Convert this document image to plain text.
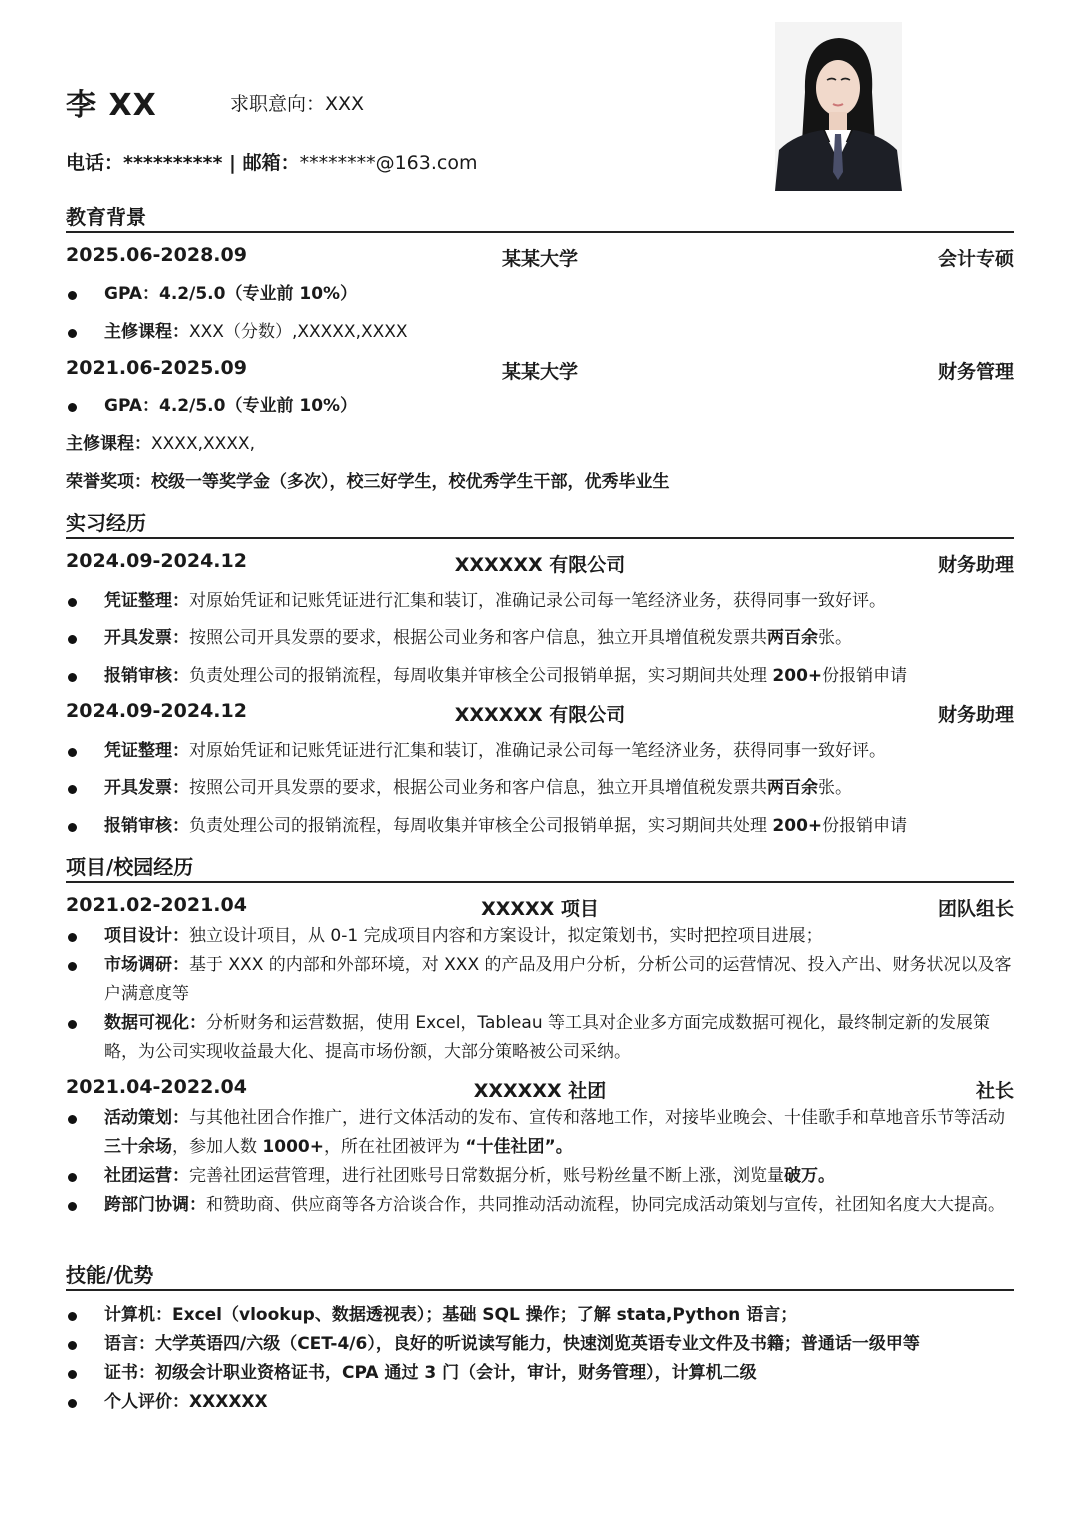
李 XX	求职意向：XXX
电话：********** | 邮箱：********@163.com
教育背景
2025.06-2028.09	某某大学	会计专硕
GPA：4.2/5.0（专业前 10%）
主修课程：XXX（分数）,XXXXX,XXXX
2021.06-2025.09	某某大学	财务管理
GPA：4.2/5.0（专业前 10%）
主修课程：XXXX,XXXX,
荣誉奖项：校级一等奖学金（多次），校三好学生，校优秀学生干部，优秀毕业生
实习经历
2024.09-2024.12	XXXXXX 有限公司	财务助理
凭证整理：对原始凭证和记账凭证进行汇集和装订，准确记录公司每一笔经济业务，获得同事一致好评。
开具发票：按照公司开具发票的要求，根据公司业务和客户信息，独立开具增值税发票共两百余张。
报销审核：负责处理公司的报销流程，每周收集并审核全公司报销单据，实习期间共处理 200+份报销申请
2024.09-2024.12	XXXXXX 有限公司	财务助理
凭证整理：对原始凭证和记账凭证进行汇集和装订，准确记录公司每一笔经济业务，获得同事一致好评。
开具发票：按照公司开具发票的要求，根据公司业务和客户信息，独立开具增值税发票共两百余张。
报销审核：负责处理公司的报销流程，每周收集并审核全公司报销单据，实习期间共处理 200+份报销申请
项目/校园经历
2021.02-2021.04	XXXXX 项目	团队组长
项目设计：独立设计项目，从 0-1 完成项目内容和方案设计，拟定策划书，实时把控项目进展；
市场调研：基于 XXX 的内部和外部环境，对 XXX 的产品及用户分析，分析公司的运营情况、投入产出、财务状况以及客户满意度等
数据可视化：分析财务和运营数据，使用 Excel，Tableau 等工具对企业多方面完成数据可视化，最终制定新的发展策略，为公司实现收益最大化、提高市场份额，大部分策略被公司采纳。
2021.04-2022.04	XXXXXX 社团	社长
活动策划：与其他社团合作推广，进行文体活动的发布、宣传和落地工作，对接毕业晚会、十佳歌手和草地音乐节等活动三十余场，参加人数 1000+，所在社团被评为 “十佳社团”。
社团运营：完善社团运营管理，进行社团账号日常数据分析，账号粉丝量不断上涨，浏览量破万。
跨部门协调：和赞助商、供应商等各方洽谈合作，共同推动活动流程，协同完成活动策划与宣传，社团知名度大大提高。
技能/优势
计算机：Excel（vlookup、数据透视表）；基础 SQL 操作；了解 stata,Python 语言；
语言：大学英语四/六级（CET-4/6），良好的听说读写能力，快速浏览英语专业文件及书籍；普通话一级甲等
证书：初级会计职业资格证书，CPA 通过 3 门（会计，审计，财务管理），计算机二级
个人评价：XXXXXX
